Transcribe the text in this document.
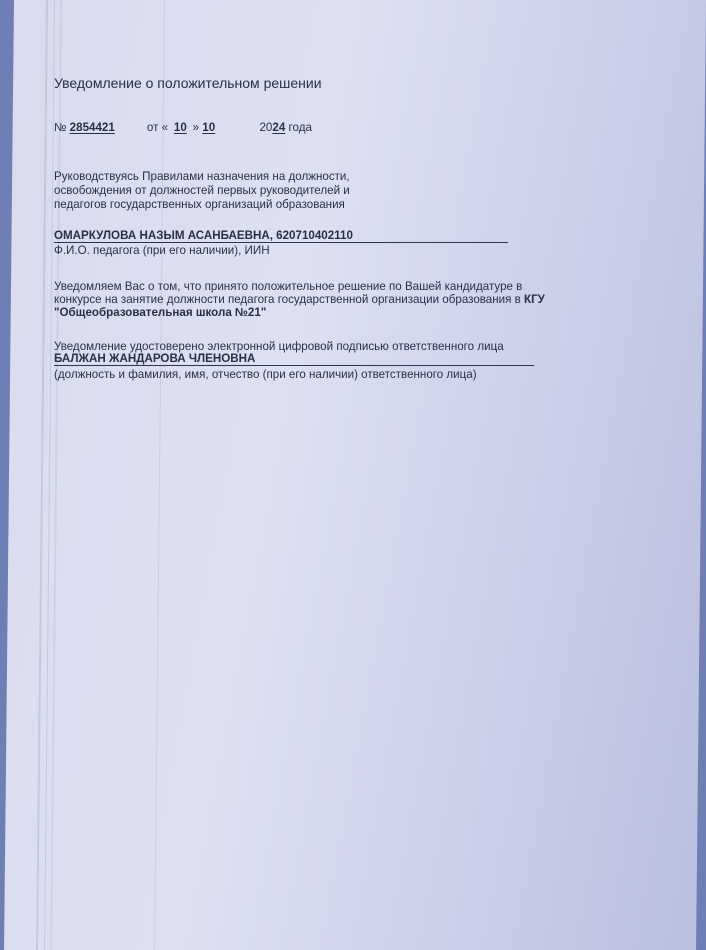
Уведомление о положительном решении
№ 2854421	от « 10 » 10	2024 года
Руководствуясь Правилами назначения на должности,
освобождения от должностей первых руководителей и
педагогов государственных организаций образования
ОМАРКУЛОВА НАЗЫМ АСАНБАЕВНА, 620710402110
Ф.И.О. педагога (при его наличии), ИИН
Уведомляем Вас о том, что принято положительное решение по Вашей кандидатуре в
конкурсе на занятие должности педагога государственной организации образования в КГУ
"Общеобразовательная школа №21"
Уведомление удостоверено электронной цифровой подписью ответственного лица
БАЛЖАН ЖАНДАРОВА ЧЛЕНОВНА
(должность и фамилия, имя, отчество (при его наличии) ответственного лица)
